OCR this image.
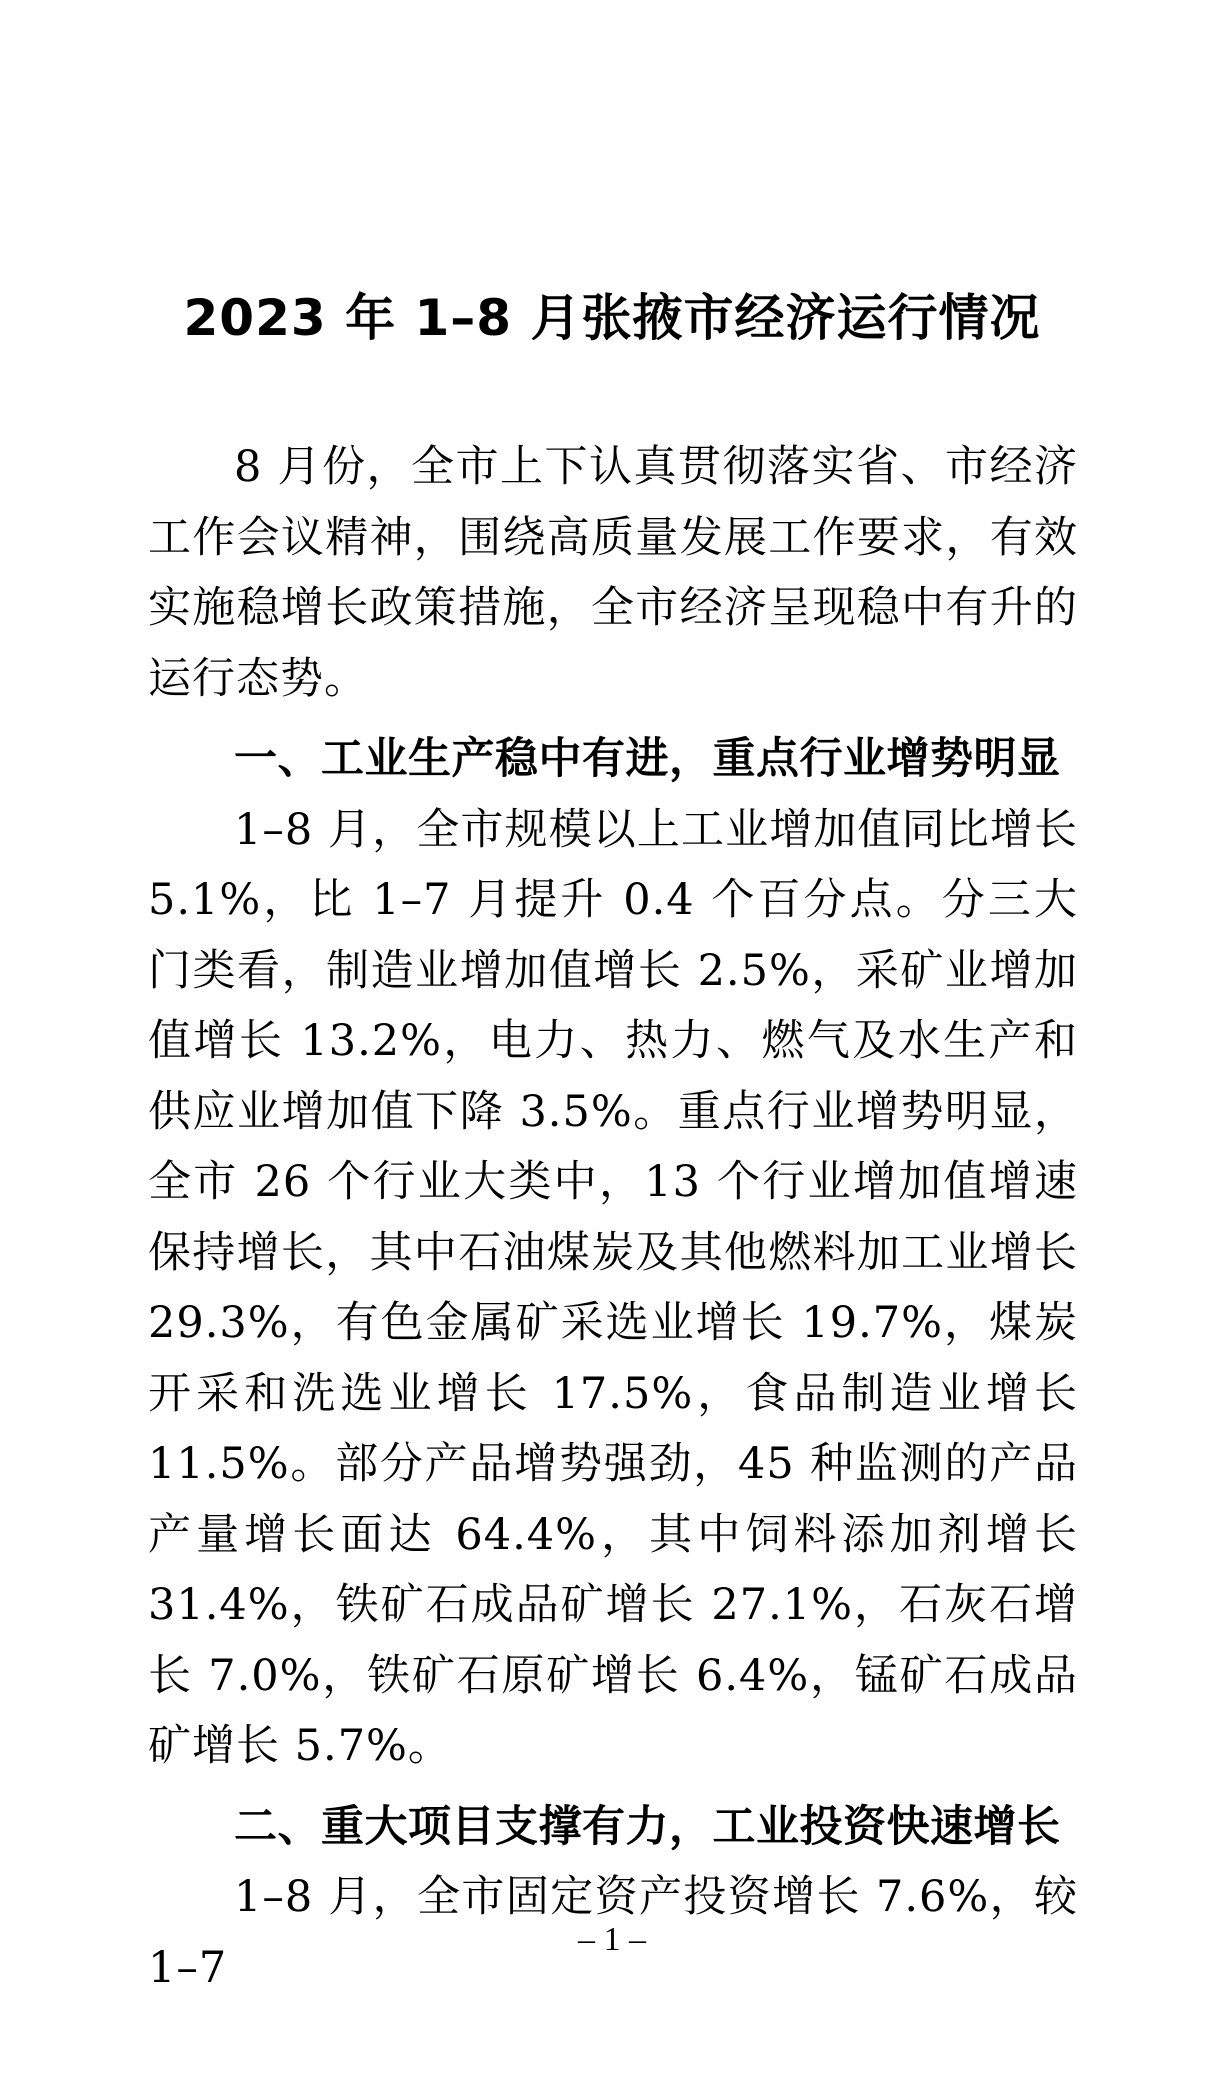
2023 年 1–8 月张掖市经济运行情况

8 月份，全市上下认真贯彻落实省、市经济工作会议精神，围绕高质量发展工作要求，有效实施稳增长政策措施，全市经济呈现稳中有升的运行态势。

一、工业生产稳中有进，重点行业增势明显

1–8 月，全市规模以上工业增加值同比增长 5.1%，比 1–7 月提升 0.4 个百分点。分三大门类看，制造业增加值增长 2.5%，采矿业增加值增长 13.2%，电力、热力、燃气及水生产和供应业增加值下降 3.5%。重点行业增势明显，全市 26 个行业大类中，13 个行业增加值增速保持增长，其中石油煤炭及其他燃料加工业增长 29.3%，有色金属矿采选业增长 19.7%，煤炭开采和洗选业增长 17.5%，食品制造业增长 11.5%。部分产品增势强劲，45 种监测的产品产量增长面达 64.4%，其中饲料添加剂增长 31.4%，铁矿石成品矿增长 27.1%，石灰石增长 7.0%，铁矿石原矿增长 6.4%，锰矿石成品矿增长 5.7%。

二、重大项目支撑有力，工业投资快速增长

1–8 月，全市固定资产投资增长 7.6%，较 1–7

– 1 –
